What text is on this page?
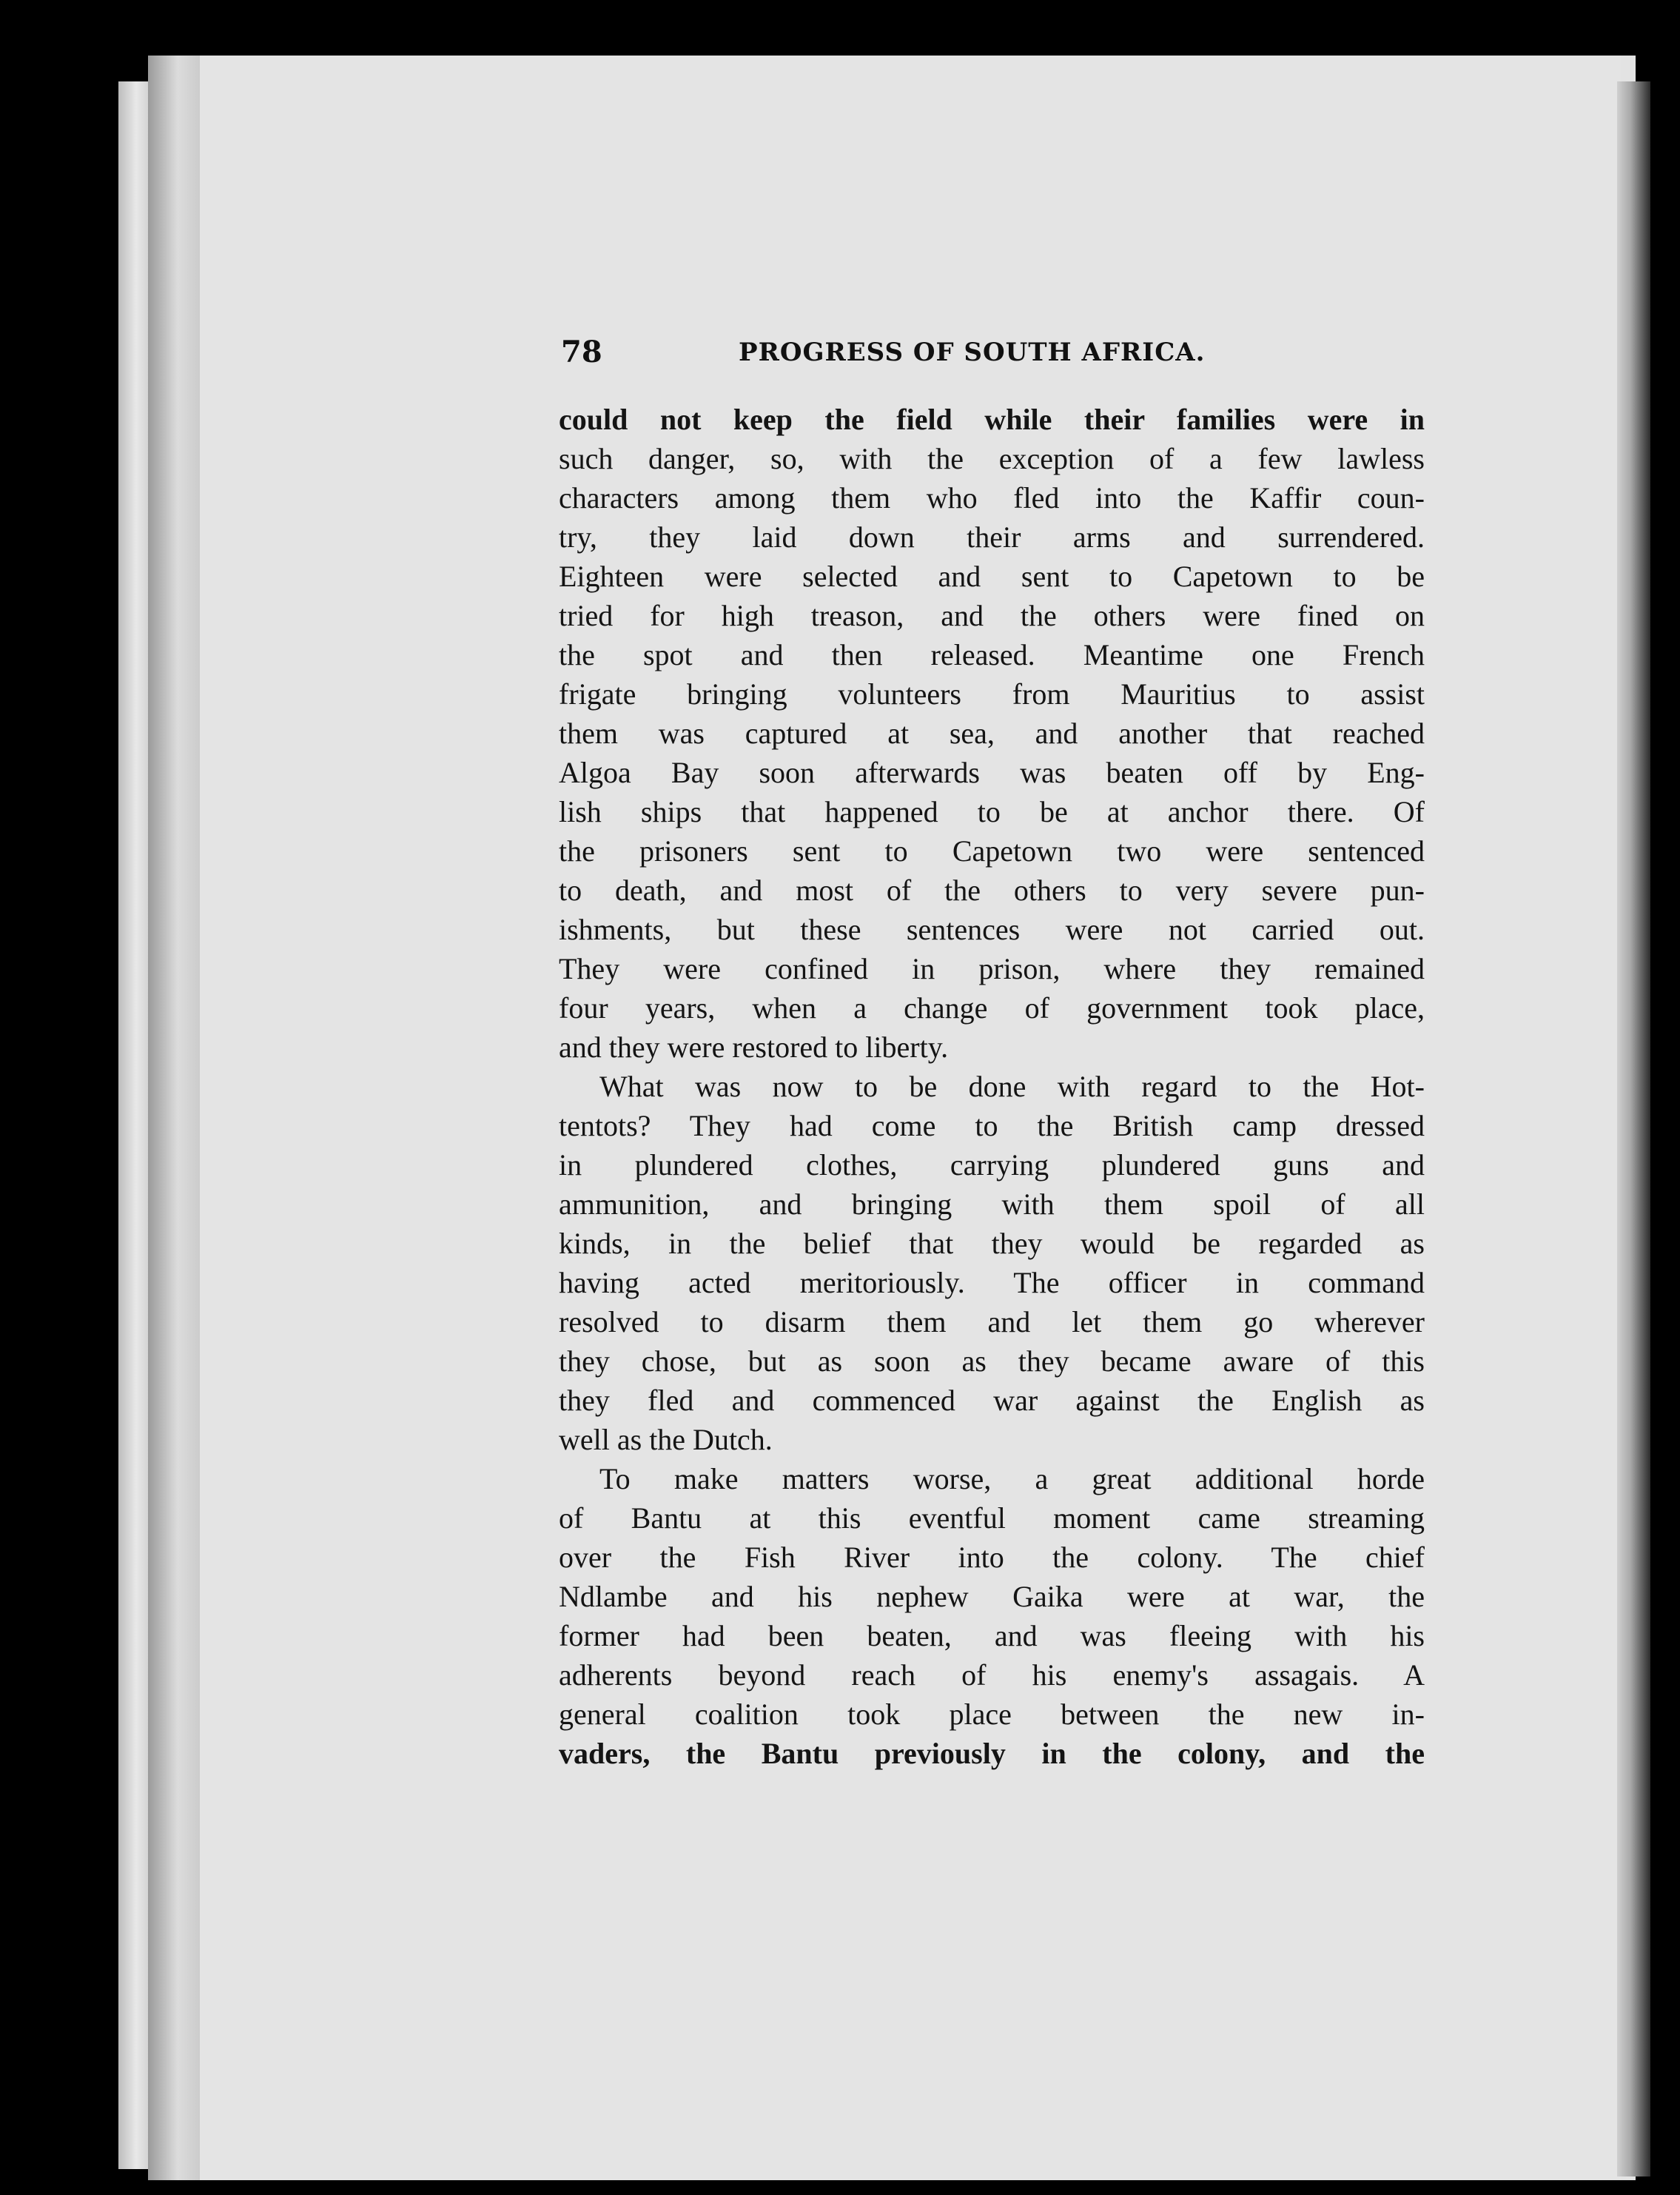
78	PROGRESS OF SOUTH AFRICA.
could not keep the field while their families were in
such danger, so, with the exception of a few lawless
characters among them who fled into the Kaffir coun-
try, they laid down their arms and surrendered.
Eighteen were selected and sent to Capetown to be
tried for high treason, and the others were fined on
the spot and then released. Meantime one French
frigate bringing volunteers from Mauritius to assist
them was captured at sea, and another that reached
Algoa Bay soon afterwards was beaten off by Eng-
lish ships that happened to be at anchor there. Of
the prisoners sent to Capetown two were sentenced
to death, and most of the others to very severe pun-
ishments, but these sentences were not carried out.
They were confined in prison, where they remained
four years, when a change of government took place,
and they were restored to liberty.
What was now to be done with regard to the Hot-
tentots? They had come to the British camp dressed
in plundered clothes, carrying plundered guns and
ammunition, and bringing with them spoil of all
kinds, in the belief that they would be regarded as
having acted meritoriously. The officer in command
resolved to disarm them and let them go wherever
they chose, but as soon as they became aware of this
they fled and commenced war against the English as
well as the Dutch.
To make matters worse, a great additional horde
of Bantu at this eventful moment came streaming
over the Fish River into the colony. The chief
Ndlambe and his nephew Gaika were at war, the
former had been beaten, and was fleeing with his
adherents beyond reach of his enemy's assagais. A
general coalition took place between the new in-
vaders, the Bantu previously in the colony, and the
